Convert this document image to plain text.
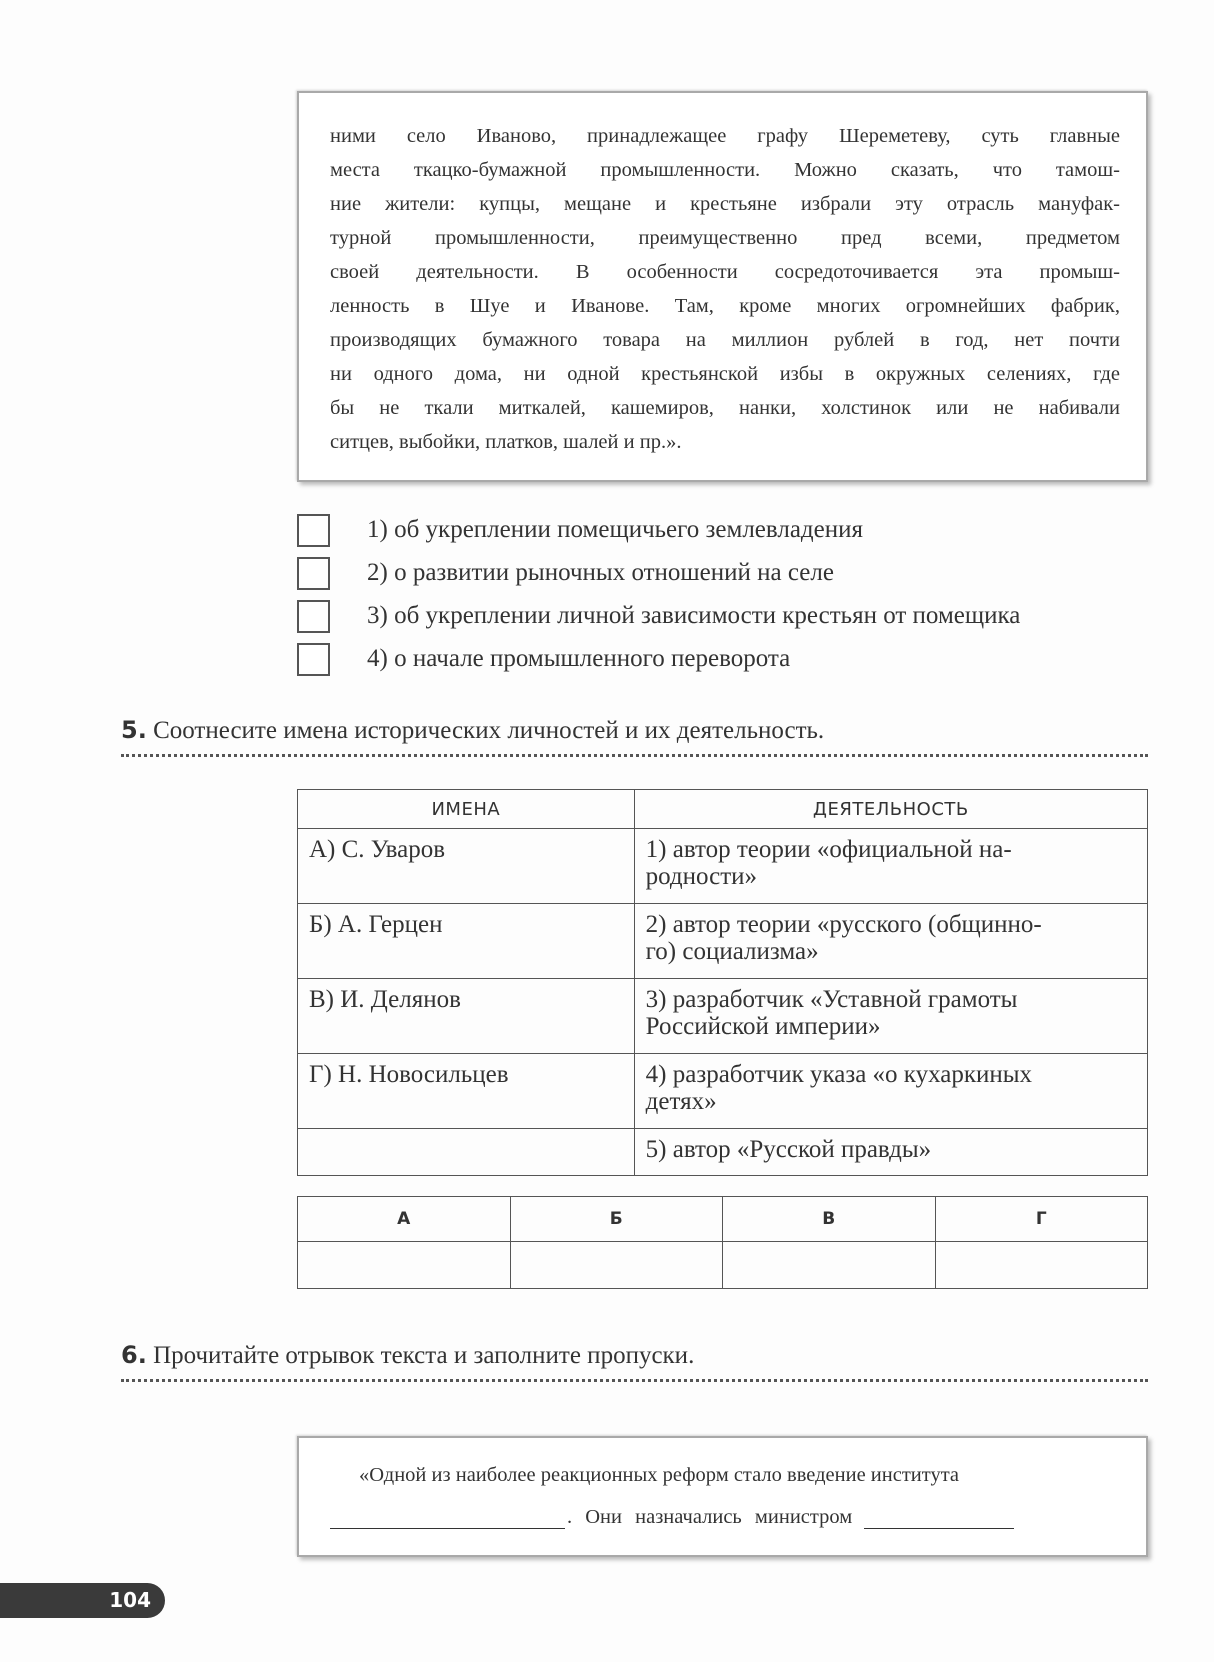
ними село Иваново, принадлежащее графу Шереметеву, суть главные
места ткацко-бумажной промышленности. Можно сказать, что тамош-
ние жители: купцы, мещане и крестьяне избрали эту отрасль мануфак-
турной промышленности, преимущественно пред всеми, предметом
своей деятельности. В особенности сосредоточивается эта промыш-
ленность в Шуе и Иванове. Там, кроме многих огромнейших фабрик,
производящих бумажного товара на миллион рублей в год, нет почти
ни одного дома, ни одной крестьянской избы в окружных селениях, где
бы не ткали миткалей, кашемиров, нанки, холстинок или не набивали
ситцев, выбойки, платков, шалей и пр.».
1) об укреплении помещичьего землевладения
2) о развитии рыночных отношений на селе
3) об укреплении личной зависимости крестьян от помещика
4) о начале промышленного переворота
5. Соотнесите имена исторических личностей и их деятельность.
ИМЕНА	ДЕЯТЕЛЬНОСТЬ
А) С. Уваров	1) автор теории «официальной на-
родности»

Б) А. Герцен	2) автор теории «русского (общинно-
го) социализма»

В) И. Делянов	3) разработчик «Уставной грамоты
Российской империи»

Г) Н. Новосильцев	4) разработчик указа «о кухаркиных
детях»

	5) автор «Русской правды»
А	Б	В	Г

6. Прочитайте отрывок текста и заполните пропуски.
«Одной из наиболее реакционных реформ стало введение института
. Они назначались министром
104
